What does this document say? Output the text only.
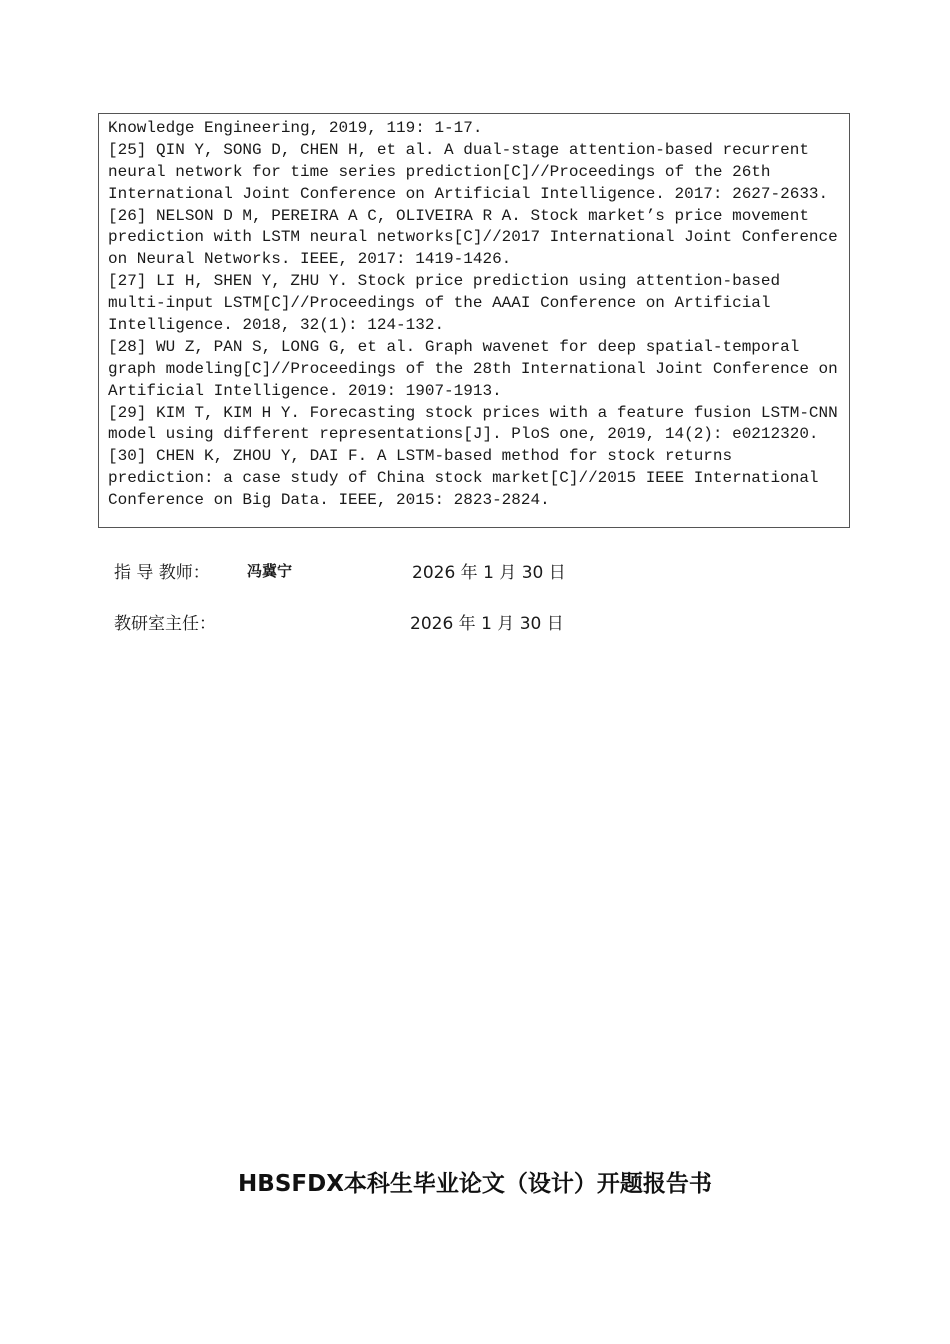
Knowledge Engineering, 2019, 119: 1-17.
[25] QIN Y, SONG D, CHEN H, et al. A dual-stage attention-based recurrent
neural network for time series prediction[C]//Proceedings of the 26th
International Joint Conference on Artificial Intelligence. 2017: 2627-2633.
[26] NELSON D M, PEREIRA A C, OLIVEIRA R A. Stock market’s price movement
prediction with LSTM neural networks[C]//2017 International Joint Conference
on Neural Networks. IEEE, 2017: 1419-1426.
[27] LI H, SHEN Y, ZHU Y. Stock price prediction using attention-based
multi-input LSTM[C]//Proceedings of the AAAI Conference on Artificial
Intelligence. 2018, 32(1): 124-132.
[28] WU Z, PAN S, LONG G, et al. Graph wavenet for deep spatial-temporal
graph modeling[C]//Proceedings of the 28th International Joint Conference on
Artificial Intelligence. 2019: 1907-1913.
[29] KIM T, KIM H Y. Forecasting stock prices with a feature fusion LSTM-CNN
model using different representations[J]. PloS one, 2019, 14(2): e0212320.
[30] CHEN K, ZHOU Y, DAI F. A LSTM-based method for stock returns
prediction: a case study of China stock market[C]//2015 IEEE International
Conference on Big Data. IEEE, 2015: 2823-2824.

指 导 教师：

冯冀宁

	2026 年 1 月 30 日

教研室主任：

	2026 年 1 月 30 日

HBSFDX本科生毕业论文（设计）开题报告书
